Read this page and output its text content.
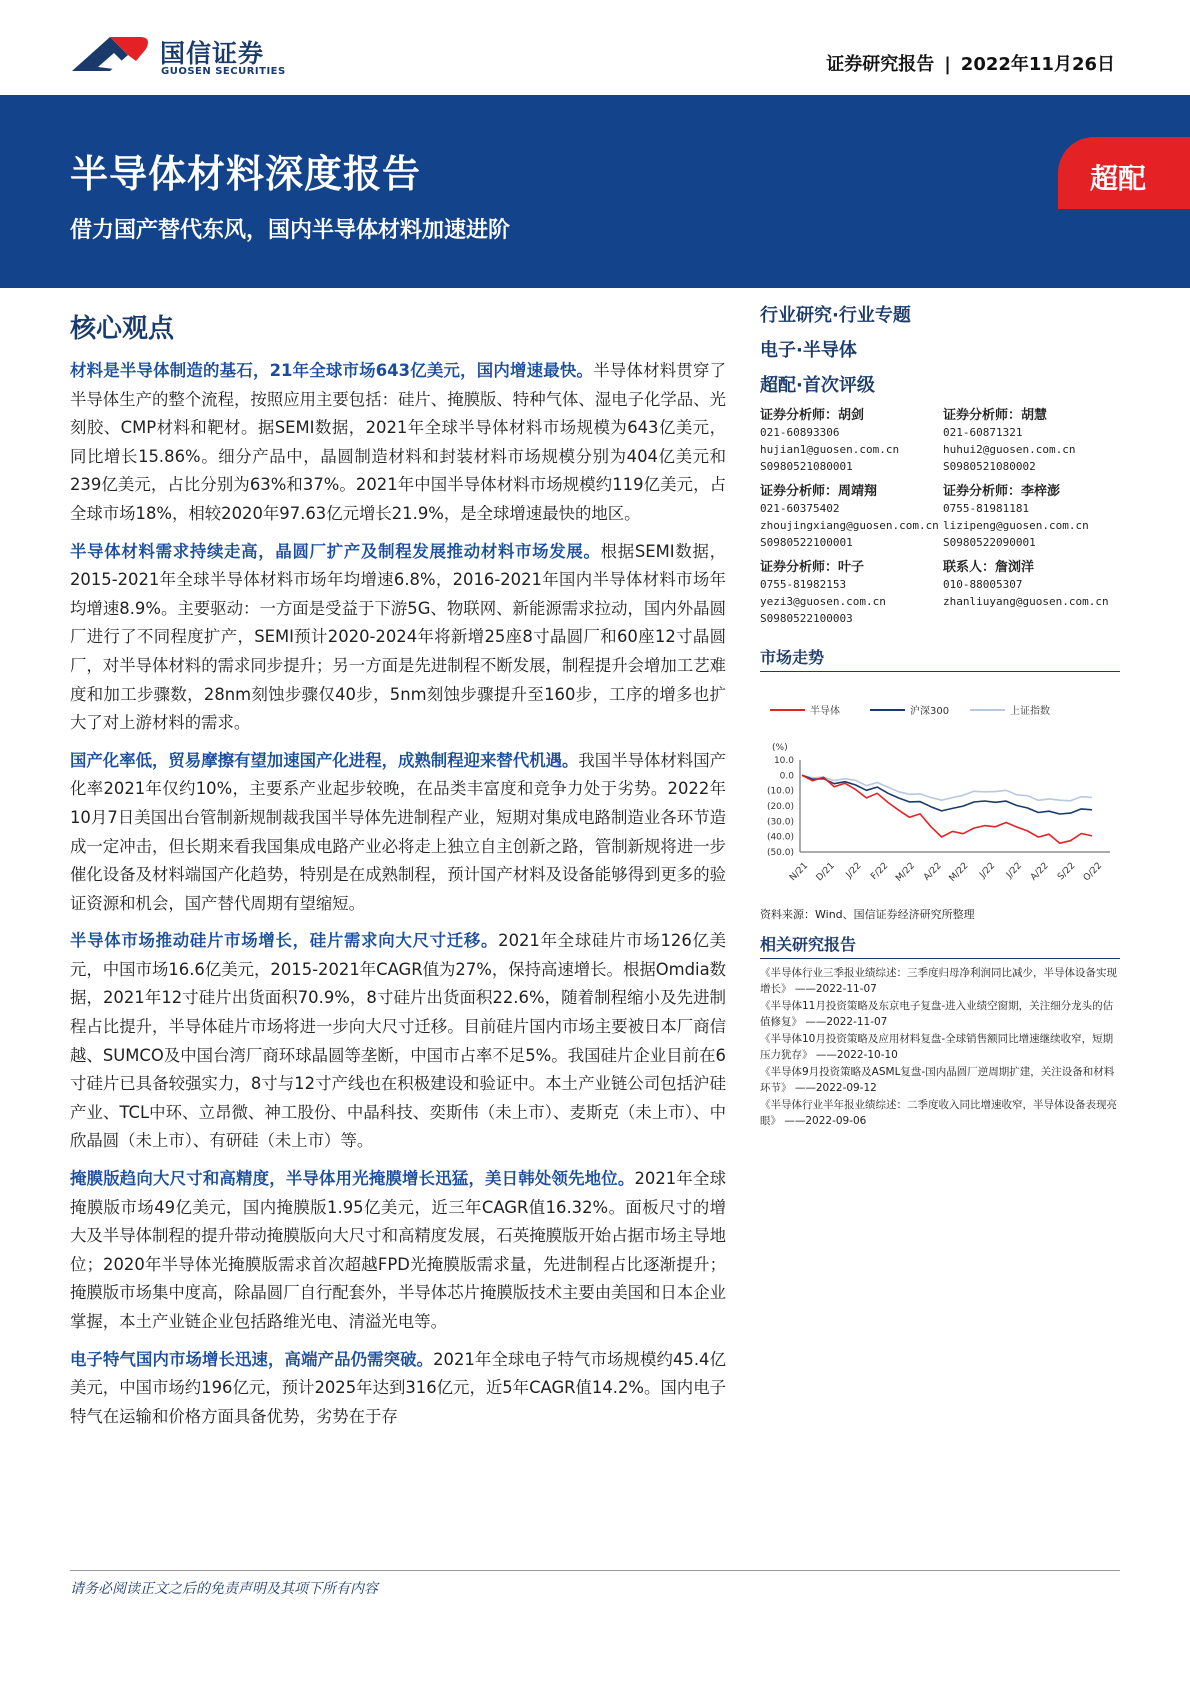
国信证券
GUOSEN SECURITIES	证券研究报告 | 2022年11月26日
半导体材料深度报告
借力国产替代东风，国内半导体材料加速进阶
超配
核心观点
材料是半导体制造的基石，21年全球市场643亿美元，国内增速最快。半导体材料贯穿了半导体生产的整个流程，按照应用主要包括：硅片、掩膜版、特种气体、湿电子化学品、光刻胶、CMP材料和靶材。据SEMI数据，2021年全球半导体材料市场规模为643亿美元，同比增长15.86%。细分产品中，晶圆制造材料和封装材料市场规模分别为404亿美元和239亿美元，占比分别为63%和37%。2021年中国半导体材料市场规模约119亿美元，占全球市场18%，相较2020年97.63亿元增长21.9%，是全球增速最快的地区。
半导体材料需求持续走高，晶圆厂扩产及制程发展推动材料市场发展。根据SEMI数据，2015-2021年全球半导体材料市场年均增速6.8%，2016-2021年国内半导体材料市场年均增速8.9%。主要驱动：一方面是受益于下游5G、物联网、新能源需求拉动，国内外晶圆厂进行了不同程度扩产，SEMI预计2020-2024年将新增25座8寸晶圆厂和60座12寸晶圆厂，对半导体材料的需求同步提升；另一方面是先进制程不断发展，制程提升会增加工艺难度和加工步骤数，28nm刻蚀步骤仅40步，5nm刻蚀步骤提升至160步，工序的增多也扩大了对上游材料的需求。
国产化率低，贸易摩擦有望加速国产化进程，成熟制程迎来替代机遇。我国半导体材料国产化率2021年仅约10%，主要系产业起步较晚，在品类丰富度和竞争力处于劣势。2022年10月7日美国出台管制新规制裁我国半导体先进制程产业，短期对集成电路制造业各环节造成一定冲击，但长期来看我国集成电路产业必将走上独立自主创新之路，管制新规将进一步催化设备及材料端国产化趋势，特别是在成熟制程，预计国产材料及设备能够得到更多的验证资源和机会，国产替代周期有望缩短。
半导体市场推动硅片市场增长，硅片需求向大尺寸迁移。2021年全球硅片市场126亿美元，中国市场16.6亿美元，2015-2021年CAGR值为27%，保持高速增长。根据Omdia数据，2021年12寸硅片出货面积70.9%，8寸硅片出货面积22.6%，随着制程缩小及先进制程占比提升，半导体硅片市场将进一步向大尺寸迁移。目前硅片国内市场主要被日本厂商信越、SUMCO及中国台湾厂商环球晶圆等垄断，中国市占率不足5%。我国硅片企业目前在6寸硅片已具备较强实力，8寸与12寸产线也在积极建设和验证中。本土产业链公司包括沪硅产业、TCL中环、立昂微、神工股份、中晶科技、奕斯伟（未上市）、麦斯克（未上市）、中欣晶圆（未上市）、有研硅（未上市）等。
掩膜版趋向大尺寸和高精度，半导体用光掩膜增长迅猛，美日韩处领先地位。2021年全球掩膜版市场49亿美元，国内掩膜版1.95亿美元，近三年CAGR值16.32%。面板尺寸的增大及半导体制程的提升带动掩膜版向大尺寸和高精度发展，石英掩膜版开始占据市场主导地位；2020年半导体光掩膜版需求首次超越FPD光掩膜版需求量，先进制程占比逐渐提升；掩膜版市场集中度高，除晶圆厂自行配套外，半导体芯片掩膜版技术主要由美国和日本企业掌握，本土产业链企业包括路维光电、清溢光电等。
电子特气国内市场增长迅速，高端产品仍需突破。2021年全球电子特气市场规模约45.4亿美元，中国市场约196亿元，预计2025年达到316亿元，近5年CAGR值14.2%。国内电子特气在运输和价格方面具备优势，劣势在于存
行业研究·行业专题
电子·半导体
超配·首次评级
证券分析师：胡剑
021-60893306
hujian1@guosen.com.cn
S0980521080001
证券分析师：胡慧
021-60871321
huhui2@guosen.com.cn
S0980521080002
证券分析师：周靖翔
021-60375402
zhoujingxiang@guosen.com.cn
S0980522100001
证券分析师：李梓澎
0755-81981181
lizipeng@guosen.com.cn
S0980522090001
证券分析师：叶子
0755-81982153
yezi3@guosen.com.cn
S0980522100003
联系人：詹浏洋
010-88005307
zhanliuyang@guosen.com.cn
市场走势
半导体	沪深300	上证指数
(%)
10.0
0.0
(10.0)
(20.0)
(30.0)
(40.0)
(50.0)
N/21 D/21 J/22 F/22 M/22 A/22 M/22 J/22 J/22 A/22 S/22 O/22
资料来源：Wind、国信证券经济研究所整理
相关研究报告
《半导体行业三季报业绩综述：三季度归母净利润同比减少，半导体设备实现增长》 ——2022-11-07
《半导体11月投资策略及东京电子复盘-进入业绩空窗期，关注细分龙头的估值修复》 ——2022-11-07
《半导体10月投资策略及应用材料复盘-全球销售额同比增速继续收窄，短期压力犹存》 ——2022-10-10
《半导体9月投资策略及ASML复盘-国内晶圆厂逆周期扩建，关注设备和材料环节》 ——2022-09-12
《半导体行业半年报业绩综述：二季度收入同比增速收窄，半导体设备表现亮眼》 ——2022-09-06
请务必阅读正文之后的免责声明及其项下所有内容
